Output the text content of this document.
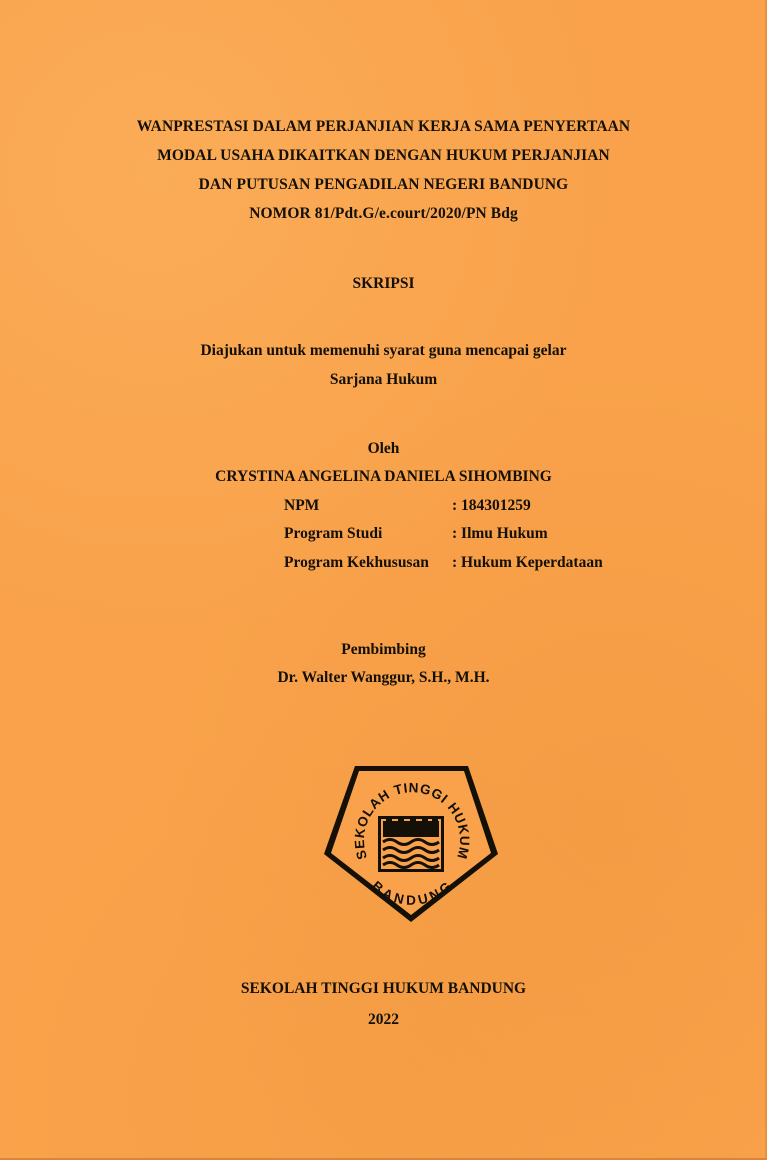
WANPRESTASI DALAM PERJANJIAN KERJA SAMA PENYERTAAN
MODAL USAHA DIKAITKAN DENGAN HUKUM PERJANJIAN
DAN PUTUSAN PENGADILAN NEGERI BANDUNG
NOMOR 81/Pdt.G/e.court/2020/PN Bdg
SKRIPSI
Diajukan untuk memenuhi syarat guna mencapai gelar
Sarjana Hukum
Oleh
CRYSTINA ANGELINA DANIELA SIHOMBING
NPM	: 184301259
Program Studi	: Ilmu Hukum
Program Kekhususan : Hukum Keperdataan
Pembimbing
Dr. Walter Wanggur, S.H., M.H.
SEKOLAH TINGGI HUKUM
BANDUNG
SEKOLAH TINGGI HUKUM BANDUNG
2022
